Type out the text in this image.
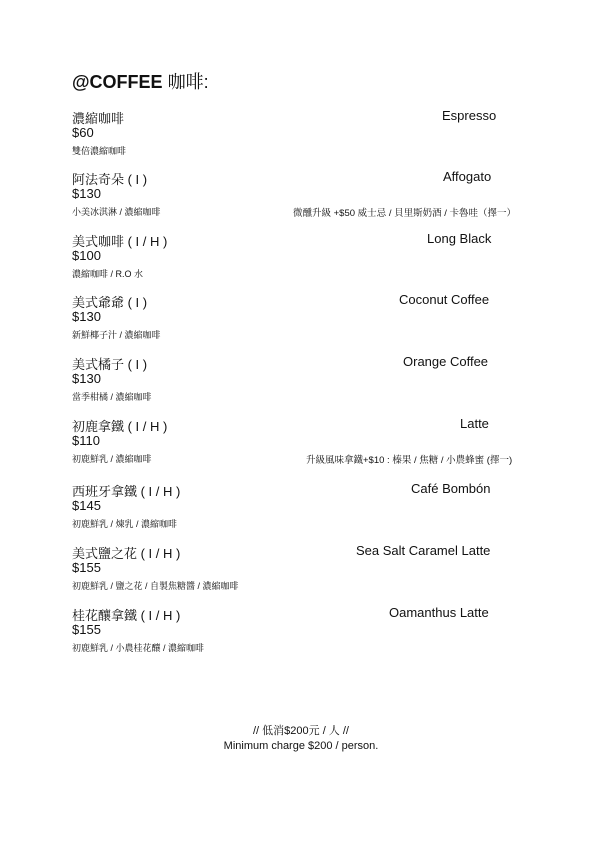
@COFFEE 咖啡:
濃縮咖啡	Espresso
$60
雙倍濃縮咖啡
阿法奇朵 ( I )	Affogato
$130
小美冰淇淋 / 濃縮咖啡	微醺升級 +$50 威士忌 / 貝里斯奶酒 / 卡魯哇（擇一）
美式咖啡 ( I / H )	Long Black
$100
濃縮咖啡 / R.O 水
美式爺爺 ( I )	Coconut Coffee
$130
新鮮椰子汁 / 濃縮咖啡
美式橘子 ( I )	Orange Coffee
$130
當季柑橘 / 濃縮咖啡
初鹿拿鐵 ( I / H )	Latte
$110
初鹿鮮乳 / 濃縮咖啡	升級風味拿鐵+$10 : 榛果 / 焦糖 / 小農蜂蜜 (擇一)
西班牙拿鐵 ( I / H )	Café Bombón
$145
初鹿鮮乳 / 煉乳 / 濃縮咖啡
美式鹽之花 ( I / H )	Sea Salt Caramel Latte
$155
初鹿鮮乳 / 鹽之花 / 自製焦糖醬 / 濃縮咖啡
桂花釀拿鐵 ( I / H )	Oamanthus Latte
$155
初鹿鮮乳 / 小農桂花釀 / 濃縮咖啡
// 低消$200元 / 人 //
Minimum charge $200 / person.
